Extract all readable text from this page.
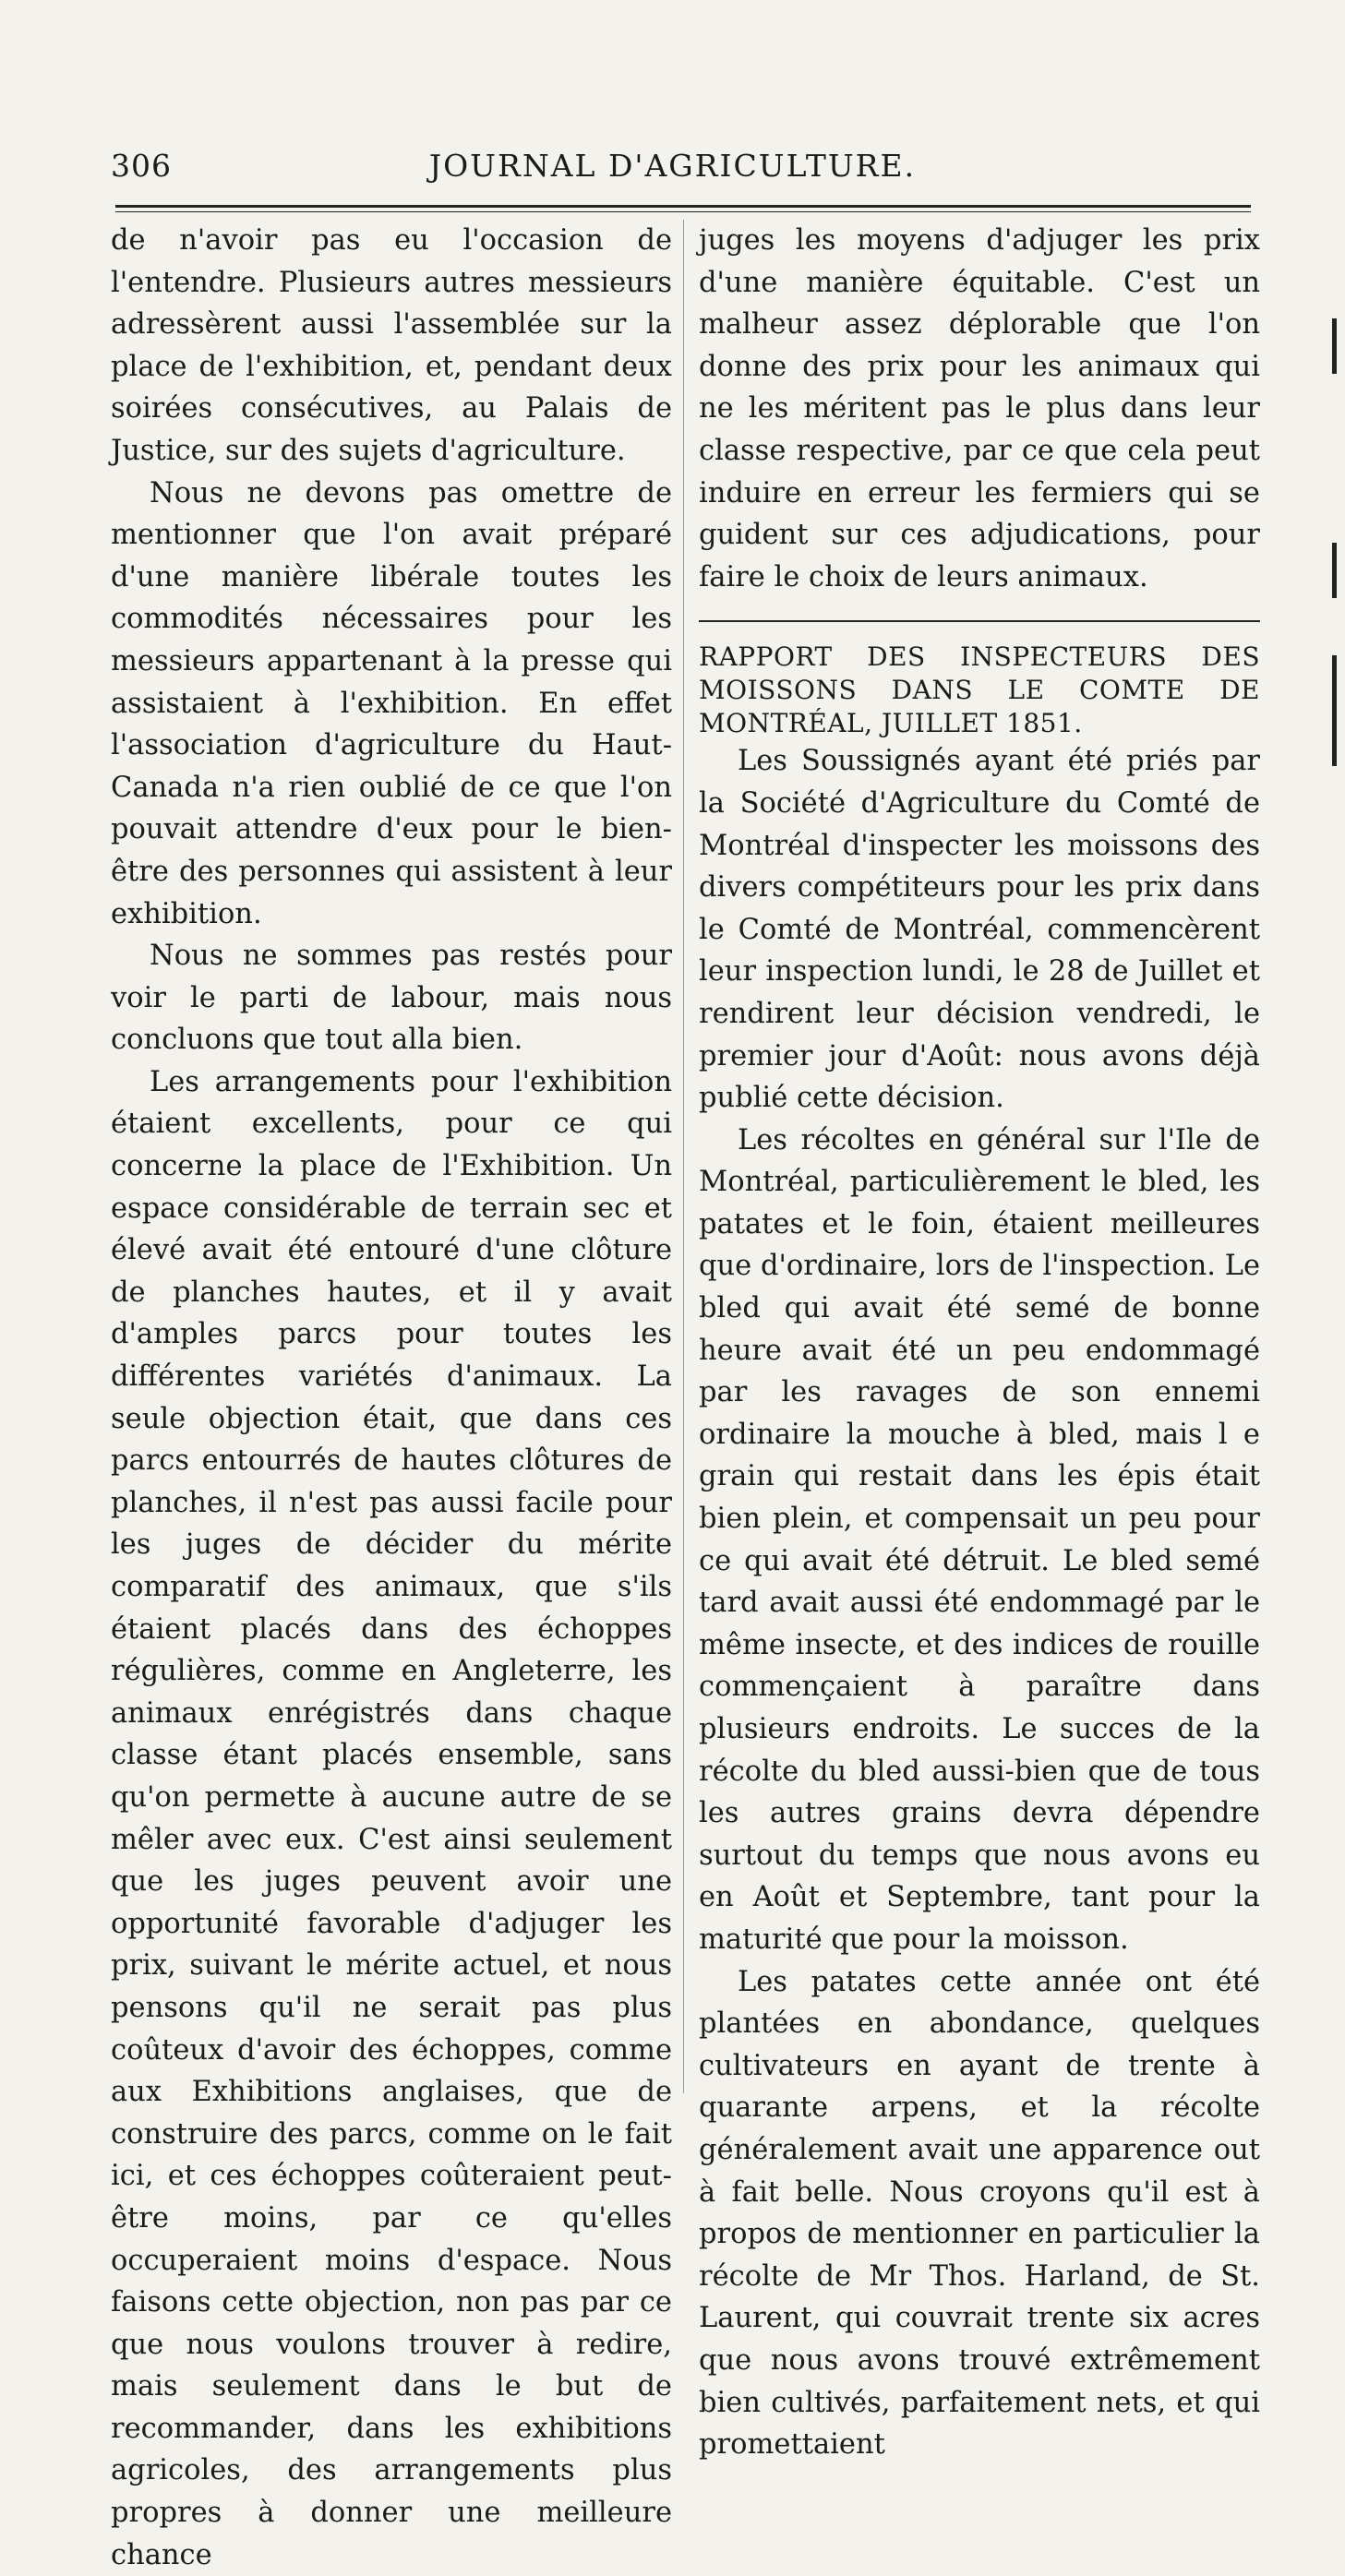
306	JOURNAL D'AGRICULTURE.

de n'avoir pas eu l'occasion de l'entendre. Plusieurs autres messieurs adressèrent aussi l'assemblée sur la place de l'exhibition, et, pendant deux soirées consécutives, au Palais de Justice, sur des sujets d'agriculture.

Nous ne devons pas omettre de mentionner que l'on avait préparé d'une manière libérale toutes les commodités nécessaires pour les messieurs appartenant à la presse qui assistaient à l'exhibition. En effet l'association d'agriculture du Haut-Canada n'a rien oublié de ce que l'on pouvait attendre d'eux pour le bien-être des personnes qui assistent à leur exhibition.

Nous ne sommes pas restés pour voir le parti de labour, mais nous concluons que tout alla bien.

Les arrangements pour l'exhibition étaient excellents, pour ce qui concerne la place de l'Exhibition. Un espace considérable de terrain sec et élevé avait été entouré d'une clôture de planches hautes, et il y avait d'amples parcs pour toutes les différentes variétés d'animaux. La seule objection était, que dans ces parcs entourrés de hautes clôtures de planches, il n'est pas aussi facile pour les juges de décider du mérite comparatif des animaux, que s'ils étaient placés dans des échoppes régulières, comme en Angleterre, les animaux enrégistrés dans chaque classe étant placés ensemble, sans qu'on permette à aucune autre de se mêler avec eux. C'est ainsi seulement que les juges peuvent avoir une opportunité favorable d'adjuger les prix, suivant le mérite actuel, et nous pensons qu'il ne serait pas plus coûteux d'avoir des échoppes, comme aux Exhibitions anglaises, que de construire des parcs, comme on le fait ici, et ces échoppes coûteraient peut-être moins, par ce qu'elles occuperaient moins d'espace. Nous faisons cette objection, non pas par ce que nous voulons trouver à redire, mais seulement dans le but de recommander, dans les exhibitions agricoles, des arrangements plus propres à donner une meilleure chance

juges les moyens d'adjuger les prix d'une manière équitable. C'est un malheur assez déplorable que l'on donne des prix pour les animaux qui ne les méritent pas le plus dans leur classe respective, par ce que cela peut induire en erreur les fermiers qui se guident sur ces adjudications, pour faire le choix de leurs animaux.

RAPPORT DES INSPECTEURS DES MOISSONS DANS LE COMTE DE MONTRÉAL, JUILLET 1851.

Les Soussignés ayant été priés par la Société d'Agriculture du Comté de Montréal d'inspecter les moissons des divers compétiteurs pour les prix dans le Comté de Montréal, commencèrent leur inspection lundi, le 28 de Juillet et rendirent leur décision vendredi, le premier jour d'Août: nous avons déjà publié cette décision.

Les récoltes en général sur l'Ile de Montréal, particulièrement le bled, les patates et le foin, étaient meilleures que d'ordinaire, lors de l'inspection. Le bled qui avait été semé de bonne heure avait été un peu endommagé par les ravages de son ennemi ordinaire la mouche à bled, mais l e grain qui restait dans les épis était bien plein, et compensait un peu pour ce qui avait été détruit. Le bled semé tard avait aussi été endommagé par le même insecte, et des indices de rouille commençaient à paraître dans plusieurs endroits. Le succes de la récolte du bled aussi-bien que de tous les autres grains devra dépendre surtout du temps que nous avons eu en Août et Septembre, tant pour la maturité que pour la moisson.

Les patates cette année ont été plantées en abondance, quelques cultivateurs en ayant de trente à quarante arpens, et la récolte généralement avait une apparence out à fait belle. Nous croyons qu'il est à propos de mentionner en particulier la récolte de Mr Thos. Harland, de St. Laurent, qui couvrait trente six acres que nous avons trouvé extrêmement bien cultivés, parfaitement nets, et qui promettaient
